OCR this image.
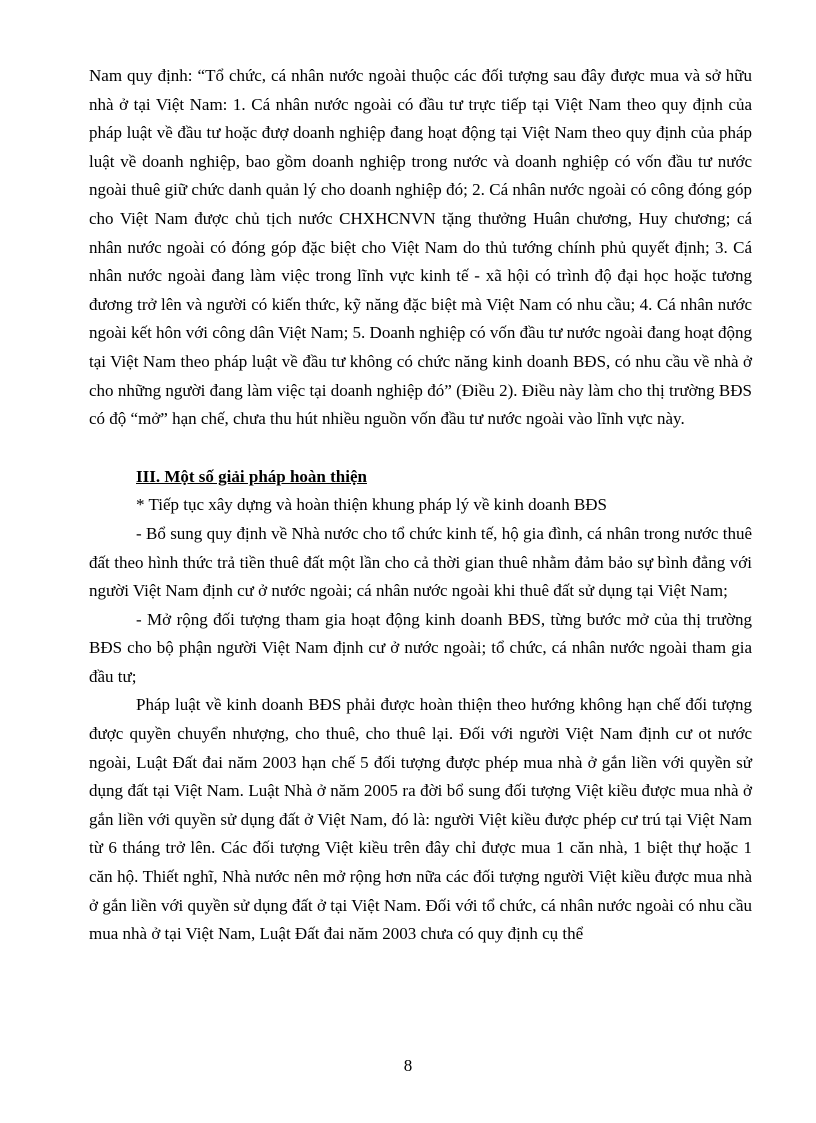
Nam quy định: “Tổ chức, cá nhân nước ngoài thuộc các đối tượng sau đây được mua và sở hữu nhà ở tại Việt Nam: 1. Cá nhân nước ngoài có đầu tư trực tiếp tại Việt Nam theo quy định của pháp luật về đầu tư hoặc đượ doanh nghiệp đang hoạt động tại Việt Nam theo quy định của pháp luật về doanh nghiệp, bao gồm doanh nghiệp trong nước và doanh nghiệp có vốn đầu tư nước ngoài thuê giữ chức danh quản lý cho doanh nghiệp đó; 2. Cá nhân nước ngoài có công đóng góp cho Việt Nam được chủ tịch nước CHXHCNVN tặng thưởng Huân chương, Huy chương; cá nhân nước ngoài có đóng góp đặc biệt cho Việt Nam do thủ tướng chính phủ quyết định; 3. Cá nhân nước ngoài đang làm việc trong lĩnh vực kinh tế - xã hội có trình độ đại học hoặc tương đương trở lên và người có kiến thức, kỹ năng đặc biệt mà Việt Nam có nhu cầu; 4. Cá nhân nước ngoài kết hôn với công dân Việt Nam; 5. Doanh nghiệp có vốn đầu tư nước ngoài đang hoạt động tại Việt Nam theo pháp luật về đầu tư không có chức năng kinh doanh BĐS, có nhu cầu về nhà ở cho những người đang làm việc tại doanh nghiệp đó” (Điều 2). Điều này làm cho thị trường BĐS có độ “mở” hạn chế, chưa thu hút nhiều nguồn vốn đầu tư nước ngoài vào lĩnh vực này.

III. Một số giải pháp hoàn thiện

* Tiếp tục xây dựng và hoàn thiện khung pháp lý về kinh doanh BĐS

- Bổ sung quy định về Nhà nước cho tổ chức kinh tế, hộ gia đình, cá nhân trong nước thuê đất theo hình thức trả tiền thuê đất một lần cho cả thời gian thuê nhằm đảm bảo sự bình đẳng với người Việt Nam định cư ở nước ngoài; cá nhân nước ngoài khi thuê đất sử dụng tại Việt Nam;

- Mở rộng đối tượng tham gia hoạt động kinh doanh BĐS, từng bước mở của thị trường BĐS cho bộ phận người Việt Nam định cư ở nước ngoài; tổ chức, cá nhân nước ngoài tham gia đầu tư;

Pháp luật về kinh doanh BĐS phải được hoàn thiện theo hướng không hạn chế đối tượng được quyền chuyển nhượng, cho thuê, cho thuê lại. Đối với người Việt Nam định cư ot nước ngoài, Luật Đất đai năm 2003 hạn chế 5 đối tượng được phép mua nhà ở gắn liền với quyền sử dụng đất tại Việt Nam. Luật Nhà ở năm 2005 ra đời bổ sung đối tượng Việt kiều được mua nhà ở gắn liền với quyền sử dụng đất ở Việt Nam, đó là: người Việt kiều được phép cư trú tại Việt Nam từ 6 tháng trở lên. Các đối tượng Việt kiều trên đây chỉ được mua 1 căn nhà, 1 biệt thự hoặc 1 căn hộ. Thiết nghĩ, Nhà nước nên mở rộng hơn nữa các đối tượng người Việt kiều được mua nhà ở gắn liền với quyền sử dụng đất ở tại Việt Nam. Đối với tổ chức, cá nhân nước ngoài có nhu cầu mua nhà ở tại Việt Nam, Luật Đất đai năm 2003 chưa có quy định cụ thể

8
